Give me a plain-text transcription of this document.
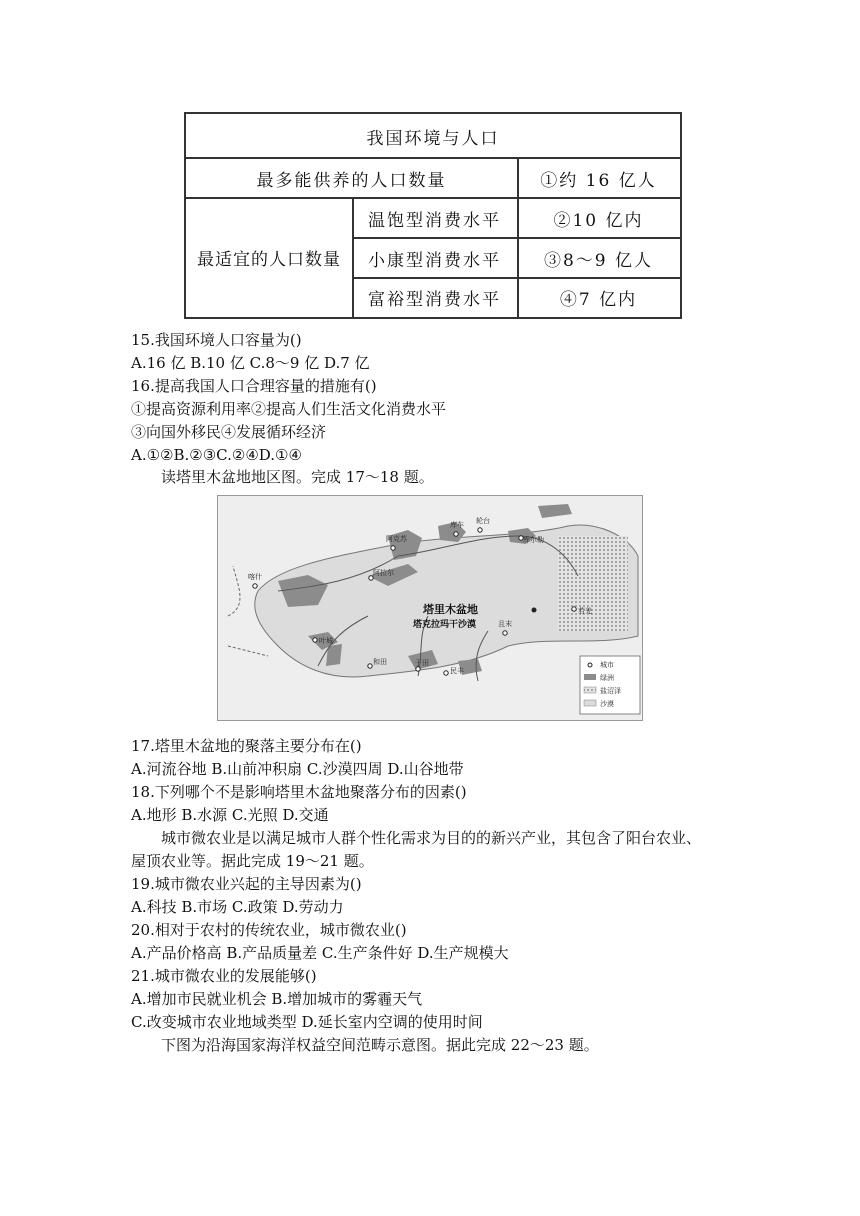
我国环境与人口
最多能供养的人口数量	①约 16 亿人
最适宜的人口数量
温饱型消费水平	②10 亿内
小康型消费水平	③8～9 亿人
富裕型消费水平	④7 亿内
15.我国环境人口容量为()
A.16 亿 B.10 亿 C.8～9 亿 D.7 亿
16.提高我国人口合理容量的措施有()
①提高资源利用率②提高人们生活文化消费水平
③向国外移民④发展循环经济
A.①②B.②③C.②④D.①④
读塔里木盆地地区图。完成 17～18 题。
塔里木盆地
塔克拉玛干沙漠
阿克苏
库车 轮台
库尔勒
喀什	阿拉尔
若羌
叶城
且末
和田	于田
民丰
城市
绿洲
盐沼泽
沙漠
17.塔里木盆地的聚落主要分布在()
A.河流谷地 B.山前冲积扇 C.沙漠四周 D.山谷地带
18.下列哪个不是影响塔里木盆地聚落分布的因素()
A.地形 B.水源 C.光照 D.交通
城市微农业是以满足城市人群个性化需求为目的的新兴产业，其包含了阳台农业、
屋顶农业等。据此完成 19～21 题。
19.城市微农业兴起的主导因素为()
A.科技 B.市场 C.政策 D.劳动力
20.相对于农村的传统农业，城市微农业()
A.产品价格高 B.产品质量差 C.生产条件好 D.生产规模大
21.城市微农业的发展能够()
A.增加市民就业机会 B.增加城市的雾霾天气
C.改变城市农业地域类型 D.延长室内空调的使用时间
下图为沿海国家海洋权益空间范畴示意图。据此完成 22～23 题。
